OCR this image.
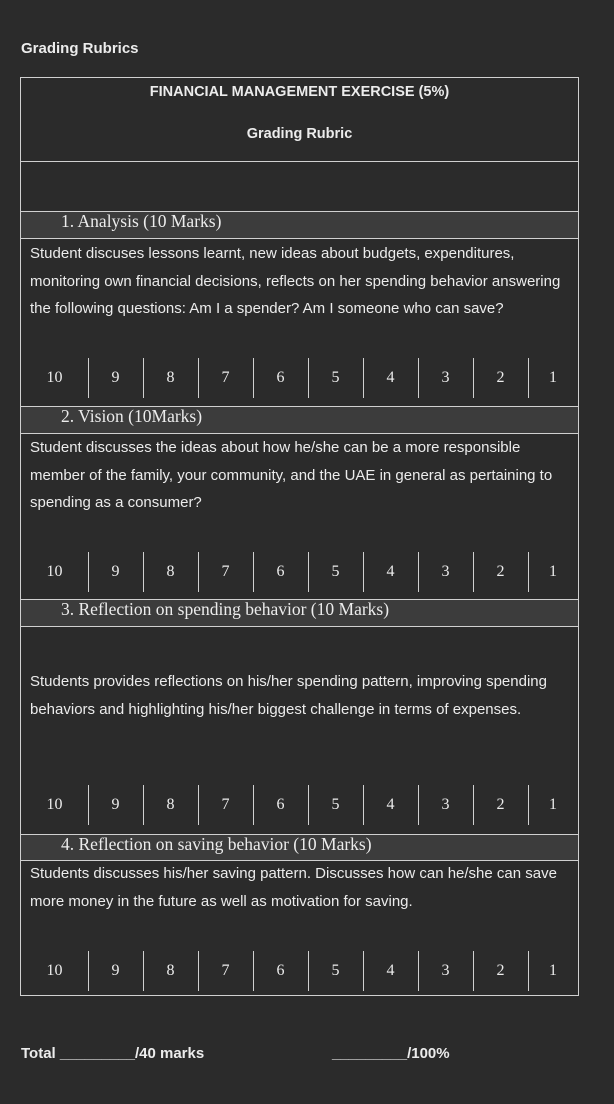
Grading Rubrics
FINANCIAL MANAGEMENT EXERCISE (5%)
Grading Rubric
1. Analysis (10 Marks)
Student discuses lessons learnt, new ideas about budgets, expenditures, monitoring own financial decisions, reflects on her spending behavior answering the following questions: Am I a spender? Am I someone who can save?
10	9	8	7	6	5	4	3	2	1
2. Vision (10Marks)
Student discusses the ideas about how he/she can be a more responsible member of the family, your community, and the UAE in general as pertaining to spending as a consumer?
10	9	8	7	6	5	4	3	2	1
3. Reflection on spending behavior (10 Marks)
Students provides reflections on his/her spending pattern, improving spending behaviors and highlighting his/her biggest challenge in terms of expenses.
10	9	8	7	6	5	4	3	2	1
4. Reflection on saving behavior (10 Marks)
Students discusses his/her saving pattern. Discusses how can he/she can save more money in the future as well as motivation for saving.
10	9	8	7	6	5	4	3	2	1
Total _________/40 marks	_________/100%
